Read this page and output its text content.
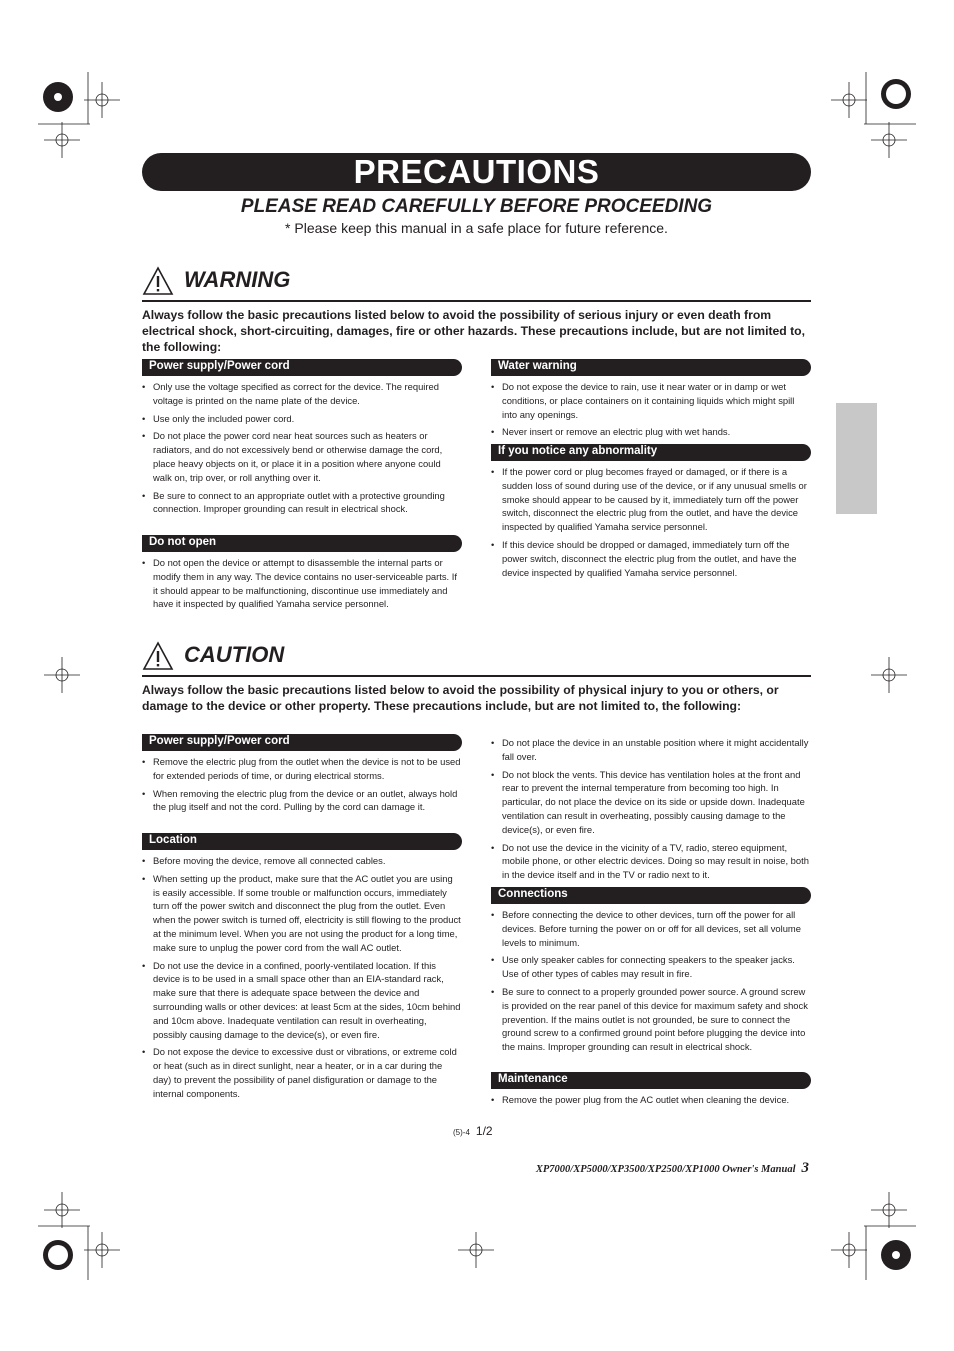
PRECAUTIONS
PLEASE READ CAREFULLY BEFORE PROCEEDING
* Please keep this manual in a safe place for future reference.
WARNING
Always follow the basic precautions listed below to avoid the possibility of serious injury or even death from electrical shock, short-circuiting, damages, fire or other hazards. These precautions include, but are not limited to, the following:
Power supply/Power cord
• Only use the voltage specified as correct for the device. The required voltage is printed on the name plate of the device.
• Use only the included power cord.
• Do not place the power cord near heat sources such as heaters or radiators, and do not excessively bend or otherwise damage the cord, place heavy objects on it, or place it in a position where anyone could walk on, trip over, or roll anything over it.
• Be sure to connect to an appropriate outlet with a protective grounding connection. Improper grounding can result in electrical shock.
Do not open
• Do not open the device or attempt to disassemble the internal parts or modify them in any way. The device contains no user-serviceable parts. If it should appear to be malfunctioning, discontinue use immediately and have it inspected by qualified Yamaha service personnel.
Water warning
• Do not expose the device to rain, use it near water or in damp or wet conditions, or place containers on it containing liquids which might spill into any openings.
• Never insert or remove an electric plug with wet hands.
If you notice any abnormality
• If the power cord or plug becomes frayed or damaged, or if there is a sudden loss of sound during use of the device, or if any unusual smells or smoke should appear to be caused by it, immediately turn off the power switch, disconnect the electric plug from the outlet, and have the device inspected by qualified Yamaha service personnel.
• If this device should be dropped or damaged, immediately turn off the power switch, disconnect the electric plug from the outlet, and have the device inspected by qualified Yamaha service personnel.
CAUTION
Always follow the basic precautions listed below to avoid the possibility of physical injury to you or others, or damage to the device or other property. These precautions include, but are not limited to, the following:
Power supply/Power cord
• Remove the electric plug from the outlet when the device is not to be used for extended periods of time, or during electrical storms.
• When removing the electric plug from the device or an outlet, always hold the plug itself and not the cord. Pulling by the cord can damage it.
Location
• Before moving the device, remove all connected cables.
• When setting up the product, make sure that the AC outlet you are using is easily accessible. If some trouble or malfunction occurs, immediately turn off the power switch and disconnect the plug from the outlet. Even when the power switch is turned off, electricity is still flowing to the product at the minimum level. When you are not using the product for a long time, make sure to unplug the power cord from the wall AC outlet.
• Do not use the device in a confined, poorly-ventilated location. If this device is to be used in a small space other than an EIA-standard rack, make sure that there is adequate space between the device and surrounding walls or other devices: at least 5cm at the sides, 10cm behind and 10cm above. Inadequate ventilation can result in overheating, possibly causing damage to the device(s), or even fire.
• Do not expose the device to excessive dust or vibrations, or extreme cold or heat (such as in direct sunlight, near a heater, or in a car during the day) to prevent the possibility of panel disfiguration or damage to the internal components.
• Do not place the device in an unstable position where it might accidentally fall over.
• Do not block the vents. This device has ventilation holes at the front and rear to prevent the internal temperature from becoming too high. In particular, do not place the device on its side or upside down. Inadequate ventilation can result in overheating, possibly causing damage to the device(s), or even fire.
• Do not use the device in the vicinity of a TV, radio, stereo equipment, mobile phone, or other electric devices. Doing so may result in noise, both in the device itself and in the TV or radio next to it.
Connections
• Before connecting the device to other devices, turn off the power for all devices. Before turning the power on or off for all devices, set all volume levels to minimum.
• Use only speaker cables for connecting speakers to the speaker jacks. Use of other types of cables may result in fire.
• Be sure to connect to a properly grounded power source. A ground screw is provided on the rear panel of this device for maximum safety and shock prevention. If the mains outlet is not grounded, be sure to connect the ground screw to a confirmed ground point before plugging the device into the mains. Improper grounding can result in electrical shock.
Maintenance
• Remove the power plug from the AC outlet when cleaning the device.
(5)-4 1/2
XP7000/XP5000/XP3500/XP2500/XP1000 Owner's Manual 3
